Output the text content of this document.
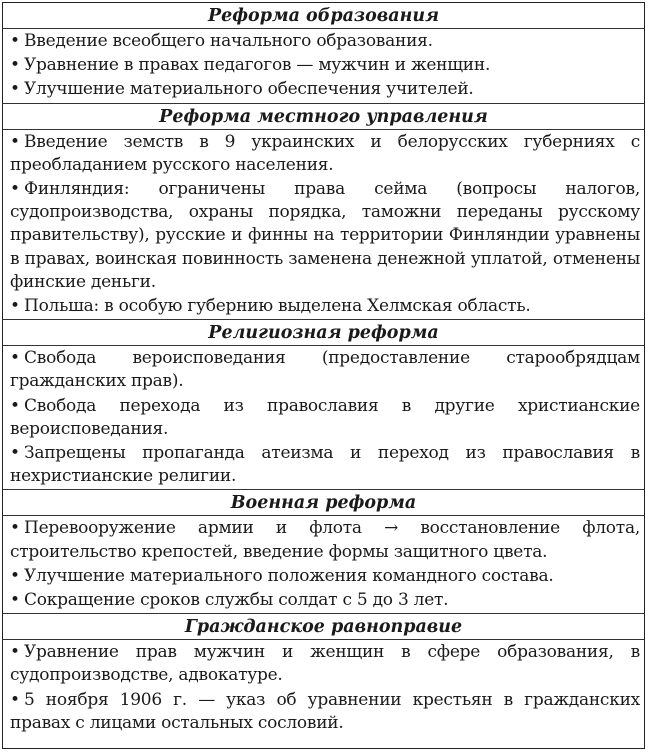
Реформа образования
• Введение всеобщего начального образования.
• Уравнение в правах педагогов — мужчин и женщин.
• Улучшение материального обеспечения учителей.
Реформа местного управления
• Введение земств в 9 украинских и белорусских губерниях с преобладанием русского населения.
• Финляндия: ограничены права сейма (вопросы налогов, судопроизводства, охраны порядка, таможни переданы русскому правительству), русские и финны на территории Финляндии уравнены в правах, воинская повинность заменена денежной уплатой, отменены финские деньги.
• Польша: в особую губернию выделена Хелмская область.
Религиозная реформа
• Свобода вероисповедания (предоставление старообрядцам гражданских прав).
• Свобода перехода из православия в другие христианские вероисповедания.
• Запрещены пропаганда атеизма и переход из православия в нехристианские религии.
Военная реформа
• Перевооружение армии и флота → восстановление флота, строительство крепостей, введение формы защитного цвета.
• Улучшение материального положения командного состава.
• Сокращение сроков службы солдат с 5 до 3 лет.
Гражданское равноправие
• Уравнение прав мужчин и женщин в сфере образования, в судопроизводстве, адвокатуре.
• 5 ноября 1906 г. — указ об уравнении крестьян в гражданских правах с лицами остальных сословий.
